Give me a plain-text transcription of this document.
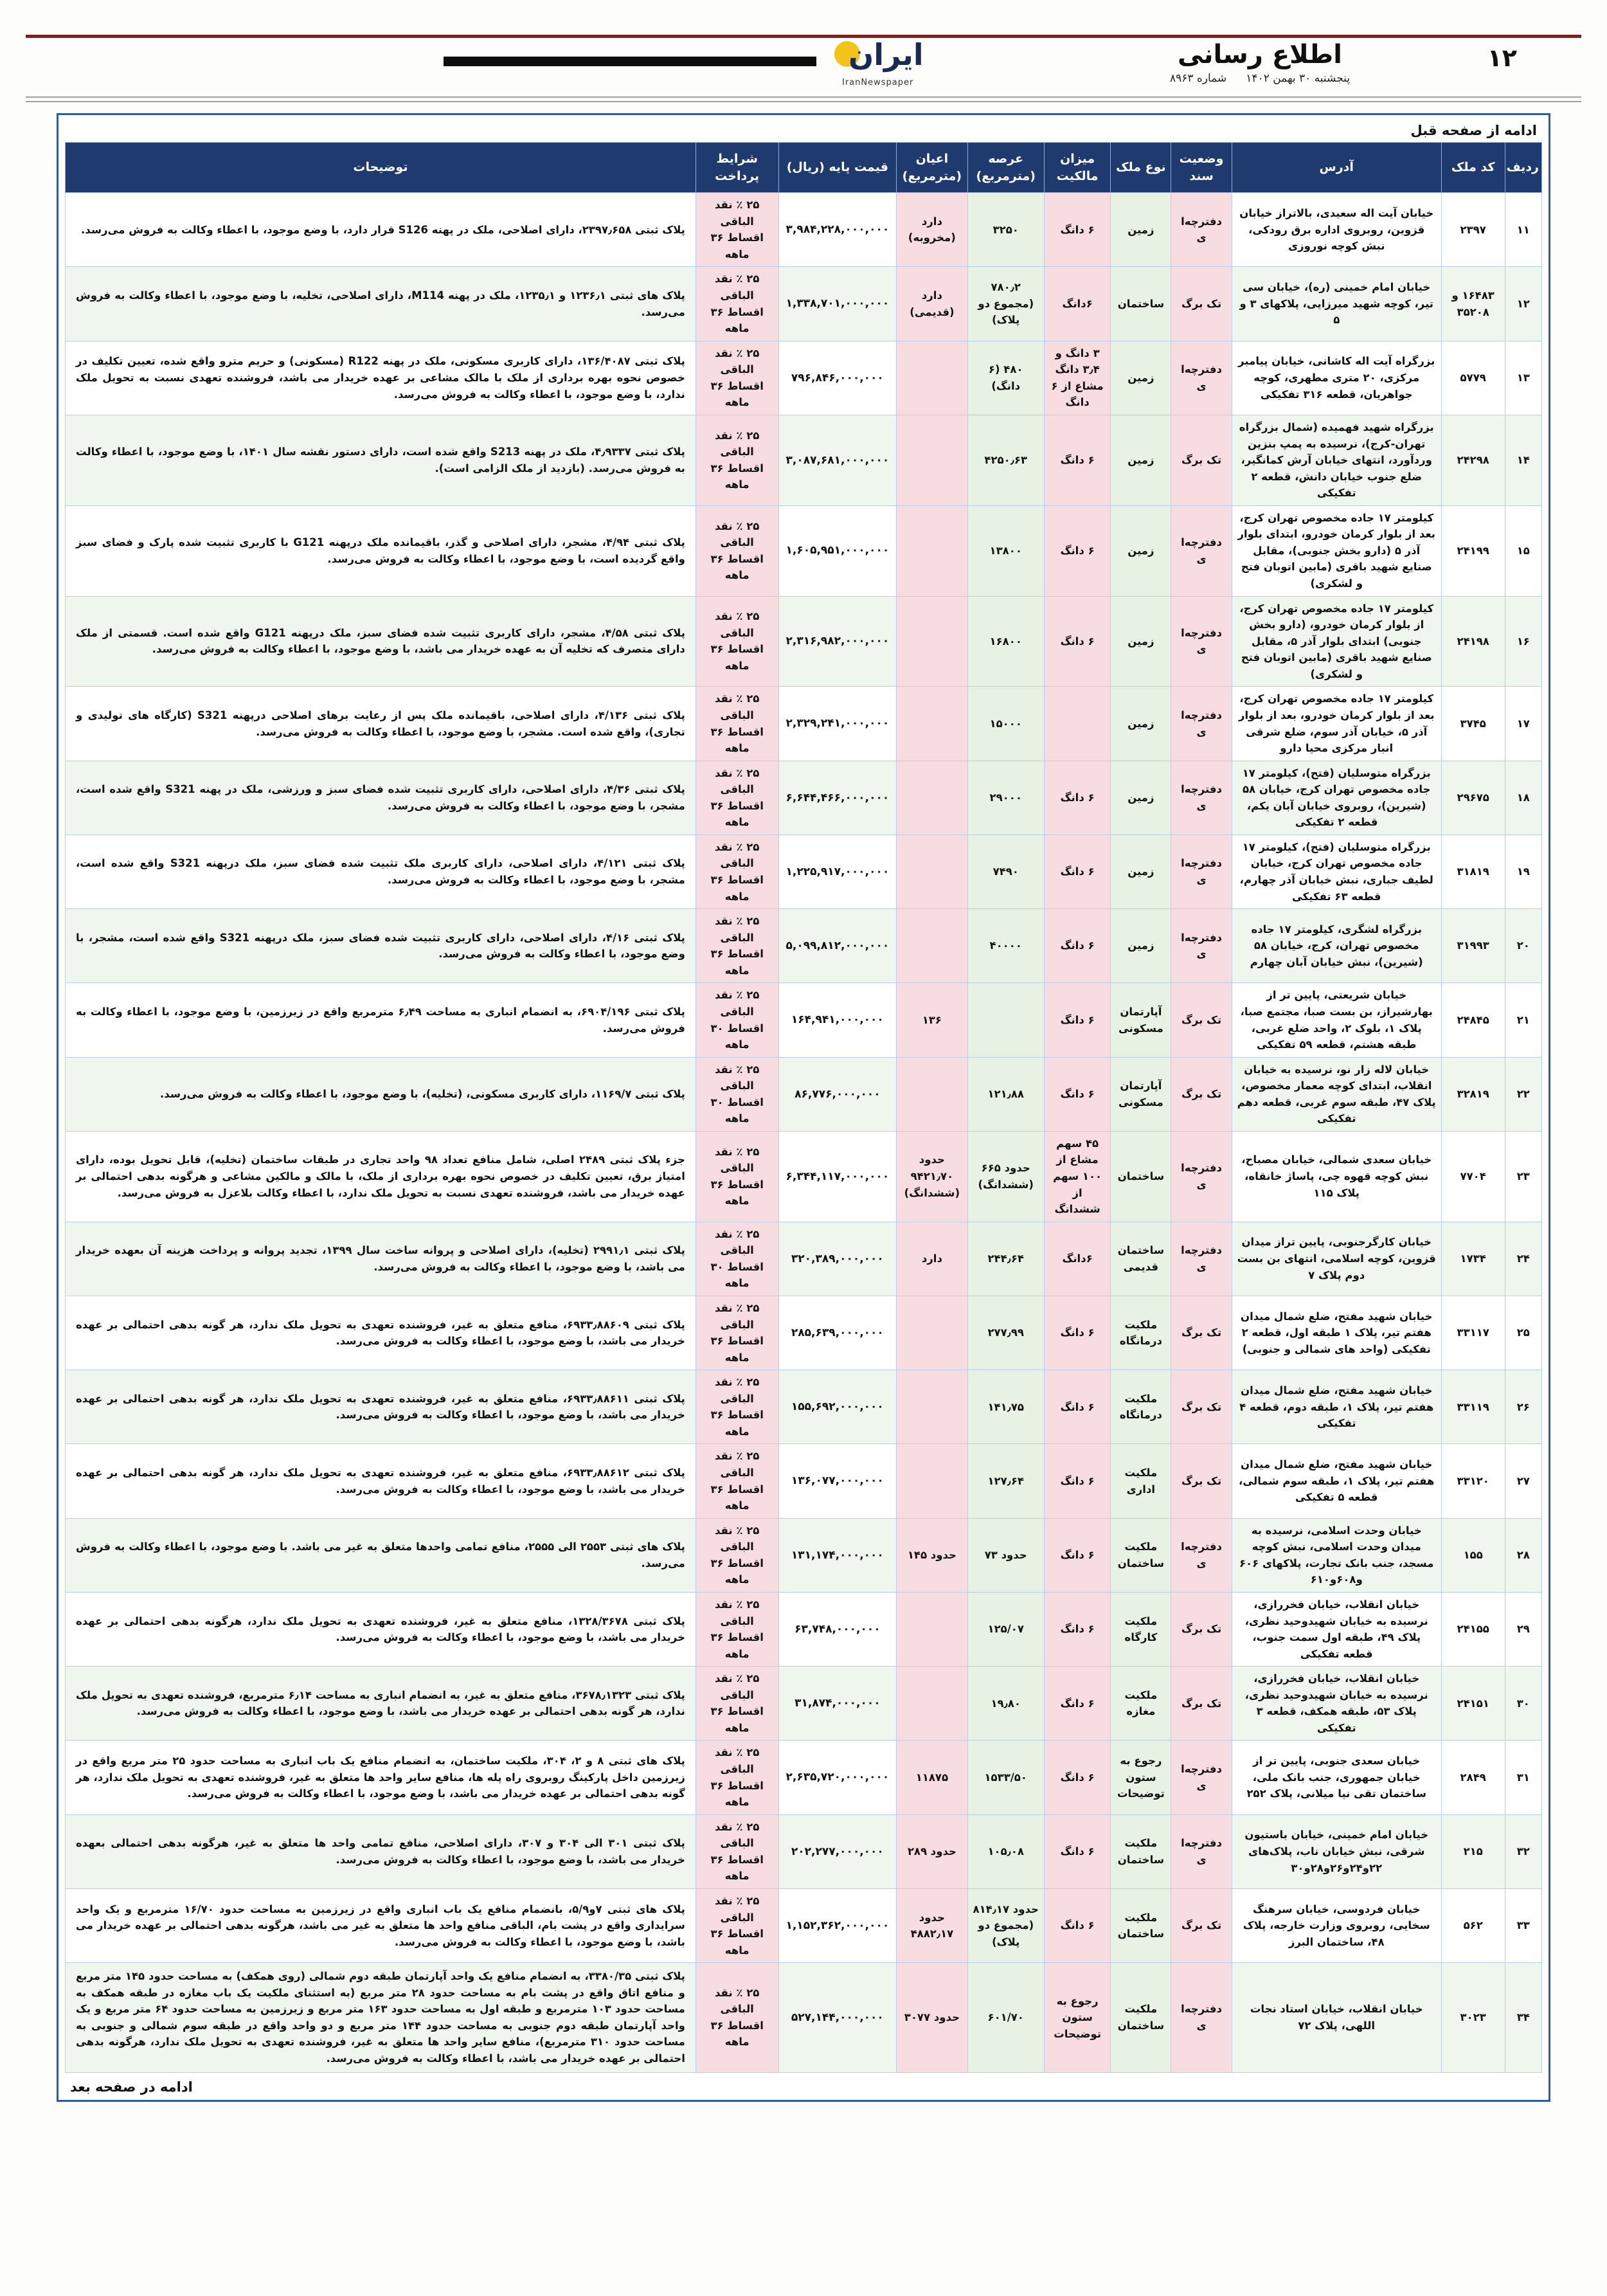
۱۲
اطلاع رسانی
پنجشنبه ۳۰ بهمن ۱۴۰۲
شماره ۸۹۶۳
ایران
IranNewspaper
ادامه از صفحه قبل
ردیف	کد ملک	آدرس	وضعیت سند	نوع ملک	میزان مالکیت	عرصه (مترمربع)	اعیان (مترمربع)	قیمت پایه (ریال)	شرایط پرداخت	توضیحات
۱۱	۲۳۹۷	خیابان آیت اله سعیدی، بالاتراز خیابان قزوین، روبروی اداره برق رودکی، نبش کوچه نوروزی	دفترچه‌ای	زمین	۶ دانگ	۳۲۵۰	دارد (مخروبه)	۳,۹۸۴,۲۲۸,۰۰۰,۰۰۰	۲۵ ٪ نقد الباقی اقساط ۳۶ ماهه	پلاک ثبتی ۲۳۹۷٫۶۵۸، دارای اصلاحی، ملک در پهنه S126 قرار دارد، با وضع موجود، با اعطاء وکالت به فروش می‌رسد.
۱۲	۱۶۴۸۳ و ۳۵۲۰۸	خیابان امام خمینی (ره)، خیابان سی تیر، کوچه شهید میرزایی، پلاکهای ۳ و ۵	تک برگ	ساختمان	۶دانگ	۷۸۰٫۲ (مجموع دو پلاک)	دارد (قدیمی)	۱,۳۳۸,۷۰۱,۰۰۰,۰۰۰	۲۵ ٪ نقد الباقی اقساط ۳۶ ماهه	پلاک های ثبتی ۱۲۳۶٫۱ و ۱۲۳۵٫۱، ملک در پهنه M114، دارای اصلاحی، تخلیه، با وضع موجود، با اعطاء وکالت به فروش می‌رسد.
۱۳	۵۷۷۹	بزرگراه آیت اله کاشانی، خیابان پیامبر مرکزی، ۲۰ متری مطهری، کوچه جواهریان، قطعه ۳۱۶ تفکیکی	دفترچه‌ای	زمین	۳ دانگ و ۳٫۴ دانگ مشاع از ۶ دانگ	۴۸۰ (۶ دانگ)		۷۹۶,۸۴۶,۰۰۰,۰۰۰	۲۵ ٪ نقد الباقی اقساط ۳۶ ماهه	پلاک ثبتی ۱۳۶/۴۰۸۷، دارای کاربری مسکونی، ملک در پهنه R122 (مسکونی) و حریم مترو واقع شده، تعیین تکلیف در خصوص نحوه بهره برداری از ملک با مالک مشاعی بر عهده خریدار می باشد، فروشنده تعهدی نسبت به تحویل ملک ندارد، با وضع موجود، با اعطاء وکالت به فروش می‌رسد.
۱۴	۲۴۲۹۸	بزرگراه شهید فهمیده (شمال بزرگراه تهران-کرج)، نرسیده به پمپ بنزین وردآورد، انتهای خیابان آرش کمانگیر، ضلع جنوب خیابان دانش، قطعه ۲ تفکیکی	تک برگ	زمین	۶ دانگ	۴۲۵۰٫۶۳		۳,۰۸۷,۶۸۱,۰۰۰,۰۰۰	۲۵ ٪ نقد الباقی اقساط ۳۶ ماهه	پلاک ثبتی ۴٫۹۳۳۷، ملک در پهنه S213 واقع شده است، دارای دستور نقشه سال ۱۴۰۱، با وضع موجود، با اعطاء وکالت به فروش می‌رسد. (بازدید از ملک الزامی است).
۱۵	۲۴۱۹۹	کیلومتر ۱۷ جاده مخصوص تهران کرج، بعد از بلوار کرمان خودرو، ابتدای بلوار آذر ۵ (دارو بخش جنوبی)، مقابل صنایع شهید باقری (مابین اتوبان فتح و لشکری)	دفترچه‌ای	زمین	۶ دانگ	۱۳۸۰۰		۱,۶۰۵,۹۵۱,۰۰۰,۰۰۰	۲۵ ٪ نقد الباقی اقساط ۳۶ ماهه	پلاک ثبتی ۴/۹۴، مشجر، دارای اصلاحی و گذر، باقیمانده ملک درپهنه G121 با کاربری تثبیت شده پارک و فضای سبز واقع گردیده است، با وضع موجود، با اعطاء وکالت به فروش می‌رسد.
۱۶	۲۴۱۹۸	کیلومتر ۱۷ جاده مخصوص تهران کرج، از بلوار کرمان خودرو، (دارو بخش جنوبی) ابتدای بلوار آذر ۵، مقابل صنایع شهید باقری (مابین اتوبان فتح و لشکری)	دفترچه‌ای	زمین	۶ دانگ	۱۶۸۰۰		۲,۳۱۶,۹۸۲,۰۰۰,۰۰۰	۲۵ ٪ نقد الباقی اقساط ۳۶ ماهه	پلاک ثبتی ۴/۵۸، مشجر، دارای کاربری تثبیت شده فضای سبز، ملک درپهنه G121 واقع شده است. قسمتی از ملک دارای متصرف که تخلیه آن به عهده خریدار می باشد، با وضع موجود، با اعطاء وکالت به فروش می‌رسد.
۱۷	۳۷۴۵	کیلومتر ۱۷ جاده مخصوص تهران کرج، بعد از بلوار کرمان خودرو، بعد از بلوار آذر ۵، خیابان آذر سوم، ضلع شرقی انبار مرکزی محیا دارو	دفترچه‌ای	زمین		۱۵۰۰۰		۲,۳۲۹,۲۴۱,۰۰۰,۰۰۰	۲۵ ٪ نقد الباقی اقساط ۳۶ ماهه	پلاک ثبتی ۴/۱۳۶، دارای اصلاحی، باقیمانده ملک پس از رعایت برهای اصلاحی درپهنه S321 (کارگاه های تولیدی و تجاری)، واقع شده است. مشجر، با وضع موجود، با اعطاء وکالت به فروش می‌رسد.
۱۸	۲۹۶۷۵	بزرگراه متوسلیان (فتح)، کیلومتر ۱۷ جاده مخصوص تهران کرج، خیابان ۵۸ (شیرین)، روبروی خیابان آبان یکم، قطعه ۲ تفکیکی	دفترچه‌ای	زمین	۶ دانگ	۲۹۰۰۰		۶,۶۴۴,۴۶۶,۰۰۰,۰۰۰	۲۵ ٪ نقد الباقی اقساط ۳۶ ماهه	پلاک ثبتی ۴/۳۶، دارای اصلاحی، دارای کاربری تثبیت شده فضای سبز و ورزشی، ملک در پهنه S321 واقع شده است، مشجر، با وضع موجود، با اعطاء وکالت به فروش می‌رسد.
۱۹	۳۱۸۱۹	بزرگراه متوسلیان (فتح)، کیلومتر ۱۷ جاده مخصوص تهران کرج، خیابان لطیف جباری، نبش خیابان آذر چهارم، قطعه ۶۳ تفکیکی	دفترچه‌ای	زمین	۶ دانگ	۷۴۹۰		۱,۲۲۵,۹۱۷,۰۰۰,۰۰۰	۲۵ ٪ نقد الباقی اقساط ۳۶ ماهه	پلاک ثبتی ۴/۱۲۱، دارای اصلاحی، دارای کاربری ملک تثبیت شده فضای سبز، ملک درپهنه S321 واقع شده است، مشجر، با وضع موجود، با اعطاء وکالت به فروش می‌رسد.
۲۰	۳۱۹۹۳	بزرگراه لشگری، کیلومتر ۱۷ جاده مخصوص تهران، کرج، خیابان ۵۸ (شیرین)، نبش خیابان آبان چهارم	دفترچه‌ای	زمین	۶ دانگ	۴۰۰۰۰		۵,۰۹۹,۸۱۲,۰۰۰,۰۰۰	۲۵ ٪ نقد الباقی اقساط ۳۶ ماهه	پلاک ثبتی ۴/۱۶، دارای اصلاحی، دارای کاربری تثبیت شده فضای سبز، ملک درپهنه S321 واقع شده است، مشجر، با وضع موجود، با اعطاء وکالت به فروش می‌رسد.
۲۱	۲۴۸۴۵	خیابان شریعتی، پایین تر از بهارشیراز، بن بست صبا، مجتمع صبا، پلاک ۱، بلوک ۲، واحد ضلع غربی، طبقه هشتم، قطعه ۵۹ تفکیکی	تک برگ	آپارتمان مسکونی	۶ دانگ		۱۳۶	۱۶۴,۹۴۱,۰۰۰,۰۰۰	۲۵ ٪ نقد الباقی اقساط ۳۰ ماهه	پلاک ثبتی ۶۹۰۴/۱۹۶، به انضمام انباری به مساحت ۶٫۴۹ مترمربع واقع در زیرزمین، با وضع موجود، با اعطاء وکالت به فروش می‌رسد.
۲۲	۳۲۸۱۹	خیابان لاله زار نو، نرسیده به خیابان انقلاب، ابتدای کوچه معمار مخصوص، پلاک ۴۷، طبقه سوم غربی، قطعه دهم تفکیکی	تک برگ	آپارتمان مسکونی	۶ دانگ	۱۲۱٫۸۸		۸۶,۷۷۶,۰۰۰,۰۰۰	۲۵ ٪ نقد الباقی اقساط ۳۰ ماهه	پلاک ثبتی ۱۱۶۹/۷، دارای کاربری مسکونی، (تخلیه)، با وضع موجود، با اعطاء وکالت به فروش می‌رسد.
۲۳	۷۷۰۴	خیابان سعدی شمالی، خیابان مصباح، نبش کوچه قهوه چی، پاساژ خانقاه، پلاک ۱۱۵	دفترچه‌ای	ساختمان	۴۵ سهم مشاع از ۱۰۰ سهم از ششدانگ	حدود ۶۶۵ (ششدانگ)	حدود ۹۴۲۱٫۷۰ (ششدانگ)	۶,۳۴۴,۱۱۷,۰۰۰,۰۰۰	۲۵ ٪ نقد الباقی اقساط ۳۶ ماهه	جزء پلاک ثبتی ۲۴۸۹ اصلی، شامل منافع تعداد ۹۸ واحد تجاری در طبقات ساختمان (تخلیه)، قابل تحویل بوده، دارای امتیاز برق، تعیین تکلیف در خصوص نحوه بهره برداری از ملک، با مالک و مالکین مشاعی و هرگونه بدهی احتمالی بر عهده خریدار می باشد، فروشنده تعهدی نسبت به تحویل ملک ندارد، با اعطاء وکالت بلاعزل به فروش می‌رسد.
۲۴	۱۷۳۴	خیابان کارگرجنوبی، پایین تراز میدان قزوین، کوچه اسلامی، انتهای بن بست دوم پلاک ۷	دفترچه‌ای	ساختمان قدیمی	۶دانگ	۲۴۴٫۶۴	دارد	۳۲۰,۳۸۹,۰۰۰,۰۰۰	۲۵ ٪ نقد الباقی اقساط ۳۰ ماهه	پلاک ثبتی ۲۹۹۱٫۱ (تخلیه)، دارای اصلاحی و پروانه ساخت سال ۱۳۹۹، تجدید پروانه و پرداخت هزینه آن بعهده خریدار می باشد، با وضع موجود، با اعطاء وکالت به فروش می‌رسد.
۲۵	۳۳۱۱۷	خیابان شهید مفتح، ضلع شمال میدان هفتم تیر، پلاک ۱ طبقه اول، قطعه ۲ تفکیکی (واحد های شمالی و جنوبی)	تک برگ	ملکیت درمانگاه	۶ دانگ	۲۷۷٫۹۹		۲۸۵,۶۳۹,۰۰۰,۰۰۰	۲۵ ٪ نقد الباقی اقساط ۳۶ ماهه	پلاک ثبتی ۶۹۳۳٫۸۸۶۰۹، منافع متعلق به غیر، فروشنده تعهدی به تحویل ملک ندارد، هر گونه بدهی احتمالی بر عهده خریدار می باشد، با وضع موجود، با اعطاء وکالت به فروش می‌رسد.
۲۶	۳۳۱۱۹	خیابان شهید مفتح، ضلع شمال میدان هفتم تیر، پلاک ۱، طبقه دوم، قطعه ۴ تفکیکی	تک برگ	ملکیت درمانگاه	۶ دانگ	۱۴۱٫۷۵		۱۵۵,۶۹۲,۰۰۰,۰۰۰	۲۵ ٪ نقد الباقی اقساط ۳۶ ماهه	پلاک ثبتی ۶۹۳۳٫۸۸۶۱۱، منافع متعلق به غیر، فروشنده تعهدی به تحویل ملک ندارد، هر گونه بدهی احتمالی بر عهده خریدار می باشد، با وضع موجود، با اعطاء وکالت به فروش می‌رسد.
۲۷	۳۳۱۲۰	خیابان شهید مفتح، ضلع شمال میدان هفتم تیر، پلاک ۱، طبقه سوم شمالی، قطعه ۵ تفکیکی	تک برگ	ملکیت اداری	۶ دانگ	۱۲۷٫۶۴		۱۳۶,۰۷۷,۰۰۰,۰۰۰	۲۵ ٪ نقد الباقی اقساط ۳۶ ماهه	پلاک ثبتی ۶۹۳۳٫۸۸۶۱۲، منافع متعلق به غیر، فروشنده تعهدی به تحویل ملک ندارد، هر گونه بدهی احتمالی بر عهده خریدار می باشد، با وضع موجود، با اعطاء وکالت به فروش می‌رسد.
۲۸	۱۵۵	خیابان وحدت اسلامی، نرسیده به میدان وحدت اسلامی، نبش کوچه مسجد، جنب بانک تجارت، پلاکهای ۶۰۶ و۶۰۸و۶۱۰	دفترچه‌ای	ملکیت ساختمان	۶ دانگ	حدود ۷۳	حدود ۱۴۵	۱۳۱,۱۷۴,۰۰۰,۰۰۰	۲۵ ٪ نقد الباقی اقساط ۳۶ ماهه	پلاک های ثبتی ۲۵۵۳ الی ۲۵۵۵، منافع تمامی واحدها متعلق به غیر می باشد. با وضع موجود، با اعطاء وکالت به فروش می‌رسد.
۲۹	۲۴۱۵۵	خیابان انقلاب، خیابان فخررازی، نرسیده به خیابان شهیدوحید نظری، پلاک ۴۹، طبقه اول سمت جنوب، قطعه تفکیکی	تک برگ	ملکیت کارگاه	۶ دانگ	۱۲۵/۰۷		۶۳,۷۴۸,۰۰۰,۰۰۰	۲۵ ٪ نقد الباقی اقساط ۳۶ ماهه	پلاک ثبتی ۱۳۲۸/۳۶۷۸، منافع متعلق به غیر، فروشنده تعهدی به تحویل ملک ندارد، هرگونه بدهی احتمالی بر عهده خریدار می باشد، با وضع موجود، با اعطاء وکالت به فروش می‌رسد.
۳۰	۲۴۱۵۱	خیابان انقلاب، خیابان فخررازی، نرسیده به خیابان شهیدوحید نظری، پلاک ۵۳، طبقه همکف، قطعه ۳ تفکیکی	تک برگ	ملکیت مغازه	۶ دانگ	۱۹٫۸۰		۳۱,۸۷۴,۰۰۰,۰۰۰	۲۵ ٪ نقد الباقی اقساط ۳۶ ماهه	پلاک ثبتی ۳۶۷۸٫۱۳۲۳، منافع متعلق به غیر، به انضمام انباری به مساحت ۶٫۱۴ مترمربع، فروشنده تعهدی به تحویل ملک ندارد، هر گونه بدهی احتمالی بر عهده خریدار می باشد، با وضع موجود، با اعطاء وکالت به فروش می‌رسد.
۳۱	۲۸۴۹	خیابان سعدی جنوبی، پایین تر از خیابان جمهوری، جنب بانک ملی، ساختمان تقی نیا میلانی، پلاک ۲۵۲	دفترچه‌ای	رجوع به ستون توضیحات	۶ دانگ	۱۵۳۳/۵۰	۱۱۸۷۵	۲,۶۳۵,۷۲۰,۰۰۰,۰۰۰	۲۵ ٪ نقد الباقی اقساط ۳۶ ماهه	پلاک های ثبتی ۸ و ۲، ۳۰۴، ملکیت ساختمان، به انضمام منافع یک باب انباری به مساحت حدود ۲۵ متر مربع واقع در زیرزمین داخل پارکینگ روبروی راه پله ها، منافع سایر واحد ها متعلق به غیر، فروشنده تعهدی به تحویل ملک ندارد، هر گونه بدهی احتمالی بر عهده خریدار می باشد، با وضع موجود، با اعطاء وکالت به فروش می‌رسد.
۳۲	۲۱۵	خیابان امام خمینی، خیابان باستیون شرقی، نبش خیابان ناب، پلاک‌های ۲۲و۲۴و۲۶و۲۸و۳۰	دفترچه‌ای	ملکیت ساختمان	۶ دانگ	۱۰۵٫۰۸	حدود ۲۸۹	۲۰۲,۲۷۷,۰۰۰,۰۰۰	۲۵ ٪ نقد الباقی اقساط ۳۶ ماهه	پلاک ثبتی ۳۰۱ الی ۳۰۴ و ۳۰۷، دارای اصلاحی، منافع تمامی واحد ها متعلق به غیر، هرگونه بدهی احتمالی بعهده خریدار می باشد، با وضع موجود، با اعطاء وکالت به فروش می‌رسد.
۳۳	۵۶۲	خیابان فردوسی، خیابان سرهنگ سخایی، روبروی وزارت خارجه، پلاک ۴۸، ساختمان البرز	تک برگ	ملکیت ساختمان	۶ دانگ	حدود ۸۱۴٫۱۷ (مجموع دو پلاک)	حدود ۴۸۸۲٫۱۷	۱,۱۵۲,۳۶۲,۰۰۰,۰۰۰	۲۵ ٪ نقد الباقی اقساط ۳۶ ماهه	پلاک های ثبتی ۷و۵/۹، بانضمام منافع یک باب انباری واقع در زیرزمین به مساحت حدود ۱۶/۷۰ مترمربع و یک واحد سرایداری واقع در پشت بام، الباقی منافع واحد ها متعلق به غیر می باشد، هرگونه بدهی احتمالی بر عهده خریدار می باشد، با وضع موجود، با اعطاء وکالت به فروش می‌رسد.
۳۴	۳۰۲۳	خیابان انقلاب، خیابان استاد نجات اللهی، پلاک ۷۲	دفترچه‌ای	ملکیت ساختمان	رجوع به ستون توضیحات	۶۰۱/۷۰	حدود ۳۰۷۷	۵۲۷,۱۴۴,۰۰۰,۰۰۰	۲۵ ٪ نقد الباقی اقساط ۳۶ ماهه	پلاک ثبتی ۳۳۸۰/۳۵، به انضمام منافع یک واحد آپارتمان طبقه دوم شمالی (روی همکف) به مساحت حدود ۱۴۵ متر مربع و منافع اتاق واقع در پشت بام به مساحت حدود ۲۸ متر مربع (به استثنای ملکیت یک باب مغازه در طبقه همکف به مساحت حدود ۱۰۳ مترمربع و طبقه اول به مساحت حدود ۱۶۳ متر مربع و زیرزمین به مساحت حدود ۶۴ متر مربع و یک واحد آپارتمان طبقه دوم جنوبی به مساحت حدود ۱۴۴ متر مربع و دو واحد واقع در طبقه سوم شمالی و جنوبی به مساحت حدود ۳۱۰ مترمربع)، منافع سایر واحد ها متعلق به غیر، فروشنده تعهدی به تحویل ملک ندارد، هرگونه بدهی احتمالی بر عهده خریدار می باشد، با اعطاء وکالت به فروش می‌رسد.
ادامه در صفحه بعد
